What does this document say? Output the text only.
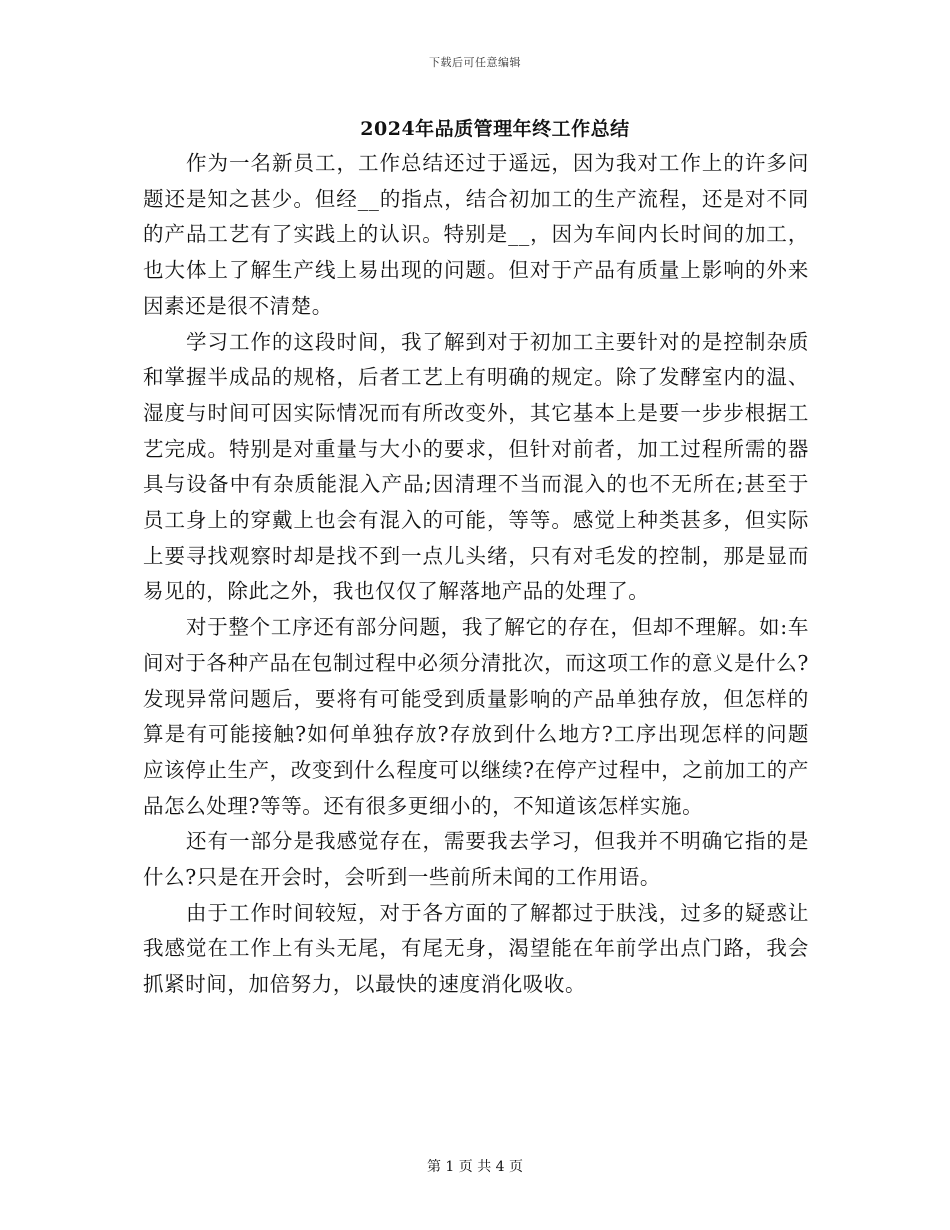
下载后可任意编辑
2024年品质管理年终工作总结

作为一名新员工，工作总结还过于遥远，因为我对工作上的许多问题还是知之甚少。但经__的指点，结合初加工的生产流程，还是对不同的产品工艺有了实践上的认识。特别是__，因为车间内长时间的加工，也大体上了解生产线上易出现的问题。但对于产品有质量上影响的外来因素还是很不清楚。

学习工作的这段时间，我了解到对于初加工主要针对的是控制杂质和掌握半成品的规格，后者工艺上有明确的规定。除了发酵室内的温、湿度与时间可因实际情况而有所改变外，其它基本上是要一步步根据工艺完成。特别是对重量与大小的要求，但针对前者，加工过程所需的器具与设备中有杂质能混入产品;因清理不当而混入的也不无所在;甚至于员工身上的穿戴上也会有混入的可能，等等。感觉上种类甚多，但实际上要寻找观察时却是找不到一点儿头绪，只有对毛发的控制，那是显而易见的，除此之外，我也仅仅了解落地产品的处理了。

对于整个工序还有部分问题，我了解它的存在，但却不理解。如:车间对于各种产品在包制过程中必须分清批次，而这项工作的意义是什么?发现异常问题后，要将有可能受到质量影响的产品单独存放，但怎样的算是有可能接触?如何单独存放?存放到什么地方?工序出现怎样的问题应该停止生产，改变到什么程度可以继续?在停产过程中，之前加工的产品怎么处理?等等。还有很多更细小的，不知道该怎样实施。

还有一部分是我感觉存在，需要我去学习，但我并不明确它指的是什么?只是在开会时，会听到一些前所未闻的工作用语。

由于工作时间较短，对于各方面的了解都过于肤浅，过多的疑惑让我感觉在工作上有头无尾，有尾无身，渴望能在年前学出点门路，我会抓紧时间，加倍努力，以最快的速度消化吸收。

第 1 页 共 4 页
